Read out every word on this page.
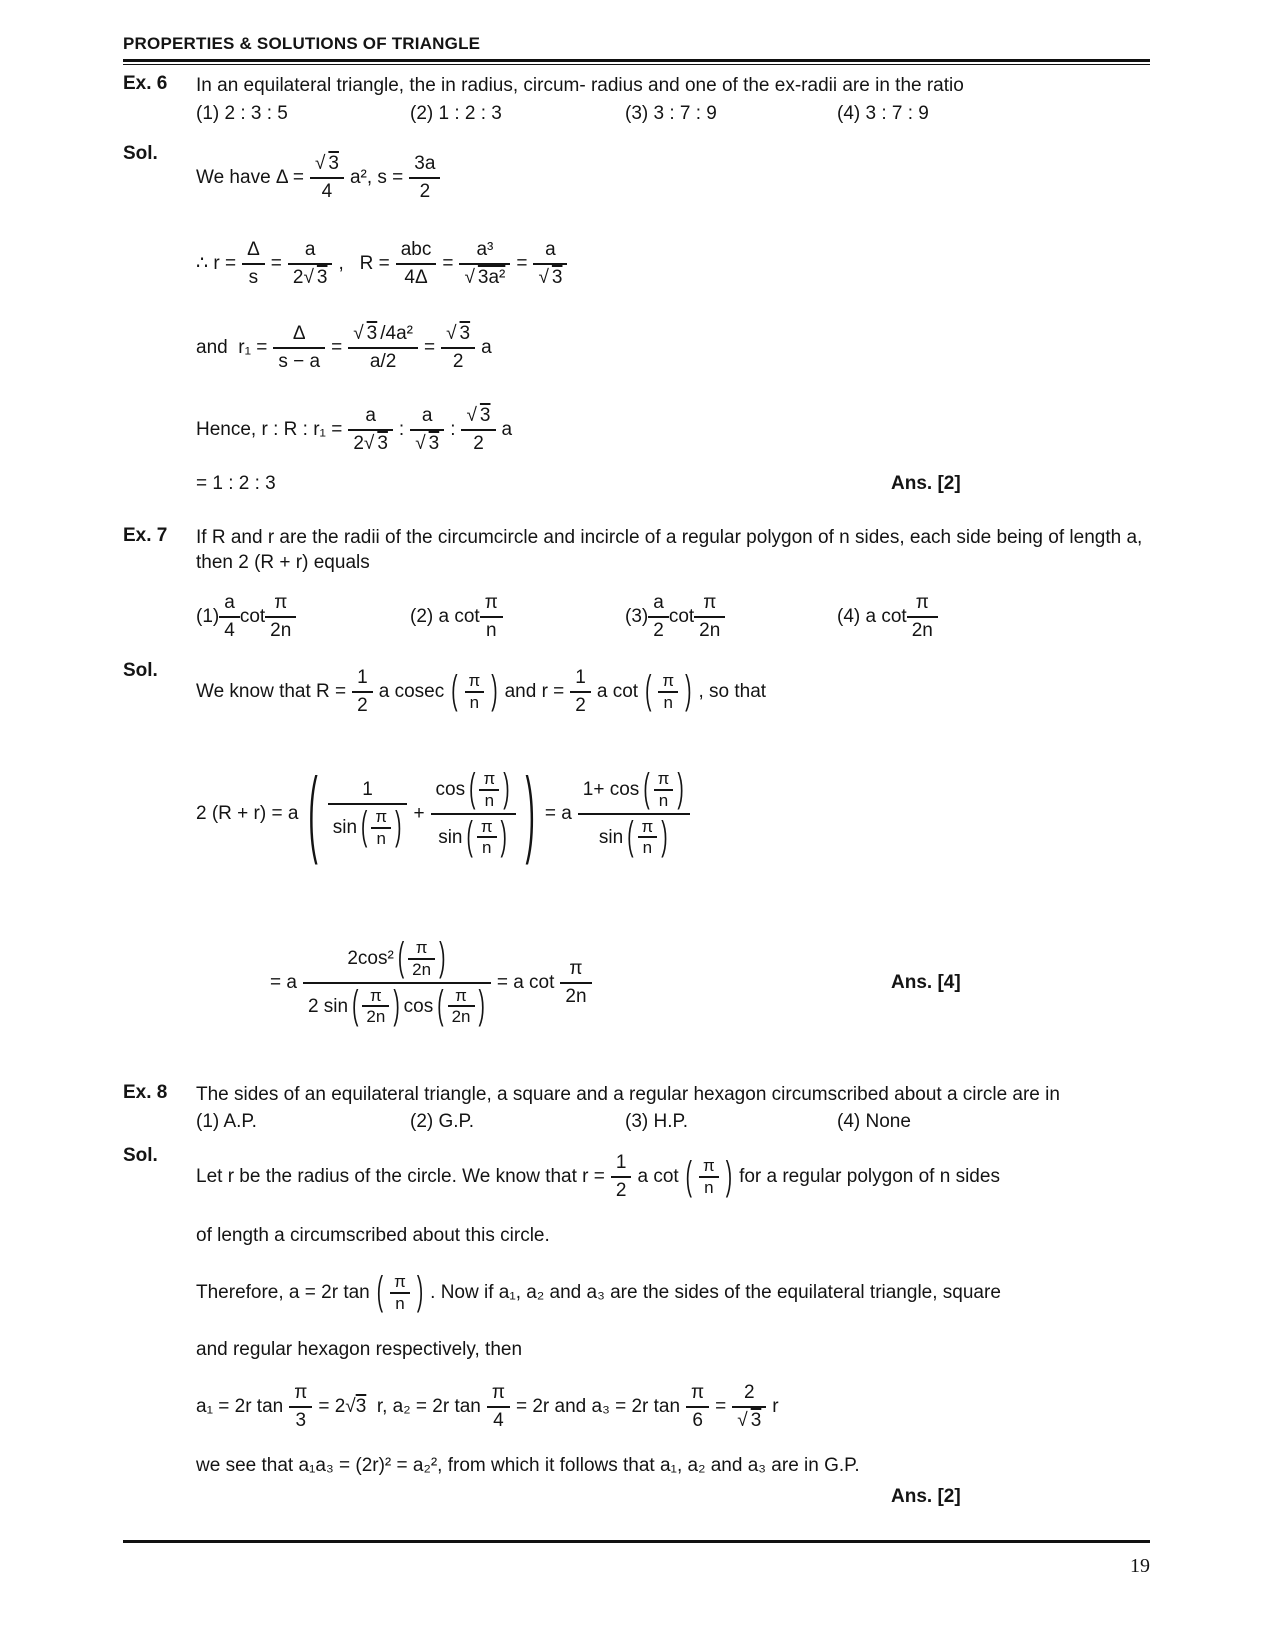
PROPERTIES & SOLUTIONS OF TRIANGLE
Ex. 6	In an equilateral triangle, the in radius, circum- radius and one of the ex-radii are in the ratio
(1) 2 : 3 : 5	(2) 1 : 2 : 3	(3) 3 : 7 : 9	(4) 3 : 7 : 9
Sol.
We have $\Delta = \frac{√ 3}{4} a^2$, $s = \frac{3a}{2}$
∴ $r = \frac{\Delta}{s} = \frac{a}{2√ 3}$ ,   R =
abc
4Δ
= $\frac{\text{a³}}{\text{√ 3a²}} = \frac{a}{√ 3}$
and  $r_1 = \frac{\Delta}{s - a} = \frac{\text{√ 3 /4a²}}{a/2} = \frac{√ 3}{2}$ a
Hence, r : R : $r_1 = \frac{a}{2√ 3}$ : $\frac{a}{√ 3}$ : $\frac{√ 3}{2}$ a
= 1 : 2 : 3	Ans. [2]
Ex. 7	If R and r are the radii of the circumcircle and incircle of a regular polygon of n sides, each side being of length a, then 2 (R + r) equals
$(1) \frac{a}{4}$ $\cot \frac{\pi}{2n}$	(2) a $\cot \frac{\pi}{n}$	$(3) \frac{a}{2}$ $\cot \frac{\pi}{2n}$	(4) a $\cot \frac{\pi}{2n}$
Sol.
We know that $R = \frac{1}{2}$ a cosec ( $\frac{\pi}{n}$ ) and $r = \frac{1}{2}$ a cot ( $\frac{\pi}{n}$ ) , so that
2 (R + r) = a ( 1
sin ( $\frac{\pi}{n}$ ) +
cos ( $\frac{\pi}{n}$ )
sin ( $\frac{\pi}{n}$ ) ) = a
1+ cos ( $\frac{\pi}{n}$ )
sin ( $\frac{\pi}{n}$ )
= a
2cos² ( $\frac{\pi}{2n}$ )
2 sin ( $\frac{\pi}{2n}$ ) cos ( $\frac{\pi}{2n}$ )
= a $\cot \frac{\pi}{2n}$	Ans. [4]
Ex. 8	The sides of an equilateral triangle, a square and a regular hexagon circumscribed about a circle are in
(1) A.P.	(2) G.P.	(3) H.P.	(4) None
Sol.
Let r be the radius of the circle. We know that $r = \frac{1}{2}$ a cot ( $\frac{\pi}{n}$ ) for a regular polygon of n sides
of length a circumscribed about this circle.
Therefore, a = 2r tan ( $\frac{\pi}{n}$ ) . Now if a₁, a₂ and a₃ are the sides of the equilateral triangle, square
and regular hexagon respectively, then
a₁ = 2r $\tan \frac{\pi}{3} = 2√3$  r, a₂ = 2r $\tan \frac{\pi}{4} = 2r$ and a₃ = 2r $\tan \frac{\pi}{6} = \frac{2}{√ 3}$ r
we see that a₁a₃ = (2r)² = a₂², from which it follows that a₁, a₂ and a₃ are in G.P.
Ans. [2]
19
